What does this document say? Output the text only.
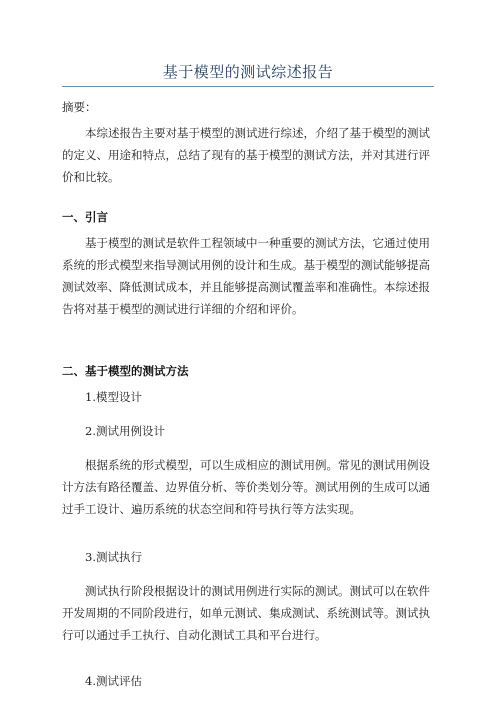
基于模型的测试综述报告
摘要：
本综述报告主要对基于模型的测试进行综述，介绍了基于模型的测试的定义、用途和特点，总结了现有的基于模型的测试方法，并对其进行评价和比较。
一、引言
基于模型的测试是软件工程领域中一种重要的测试方法，它通过使用系统的形式模型来指导测试用例的设计和生成。基于模型的测试能够提高测试效率、降低测试成本，并且能够提高测试覆盖率和准确性。本综述报告将对基于模型的测试进行详细的介绍和评价。
二、基于模型的测试方法
1.模型设计
2.测试用例设计
根据系统的形式模型，可以生成相应的测试用例。常见的测试用例设计方法有路径覆盖、边界值分析、等价类划分等。测试用例的生成可以通过手工设计、遍历系统的状态空间和符号执行等方法实现。
3.测试执行
测试执行阶段根据设计的测试用例进行实际的测试。测试可以在软件开发周期的不同阶段进行，如单元测试、集成测试、系统测试等。测试执行可以通过手工执行、自动化测试工具和平台进行。
4.测试评估
